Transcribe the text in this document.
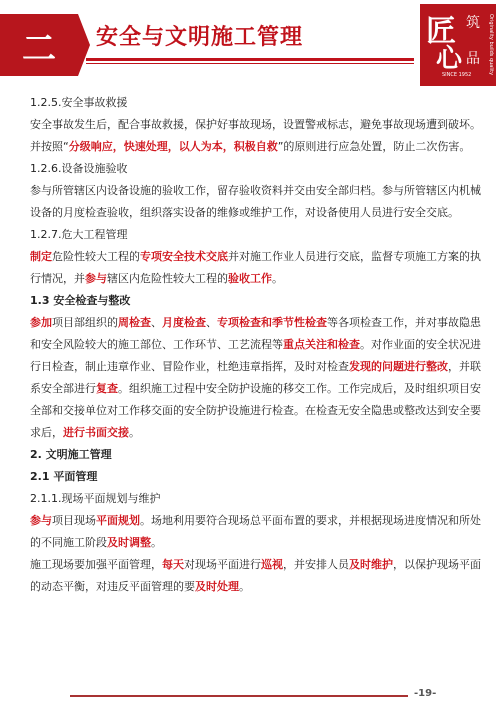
二	安全与文明施工管理	匠
心
筑
品	Originality builds quality
SINCE 1952

1.2.5.安全事故救援

安全事故发生后，配合事故救援，保护好事故现场，设置警戒标志，避免事故现场遭到破坏。

并按照“分级响应，快速处理，以人为本，积极自救”的原则进行应急处置，防止二次伤害。

1.2.6.设备设施验收

参与所管辖区内设备设施的验收工作，留存验收资料并交由安全部归档。参与所管辖区内机械设备的月度检查验收，组织落实设备的维修或维护工作，对设备使用人员进行安全交底。

1.2.7.危大工程管理

制定危险性较大工程的专项安全技术交底并对施工作业人员进行交底，监督专项施工方案的执行情况，并参与辖区内危险性较大工程的验收工作。

1.3 安全检查与整改

参加项目部组织的周检查、月度检查、专项检查和季节性检查等各项检查工作，并对事故隐患和安全风险较大的施工部位、工作环节、工艺流程等重点关注和检查。对作业面的安全状况进行日检查，制止违章作业、冒险作业，杜绝违章指挥，及时对检查发现的问题进行整改，并联系安全部进行复查。组织施工过程中安全防护设施的移交工作。工作完成后，及时组织项目安全部和交接单位对工作移交面的安全防护设施进行检查。在检查无安全隐患或整改达到安全要求后，进行书面交接。

2. 文明施工管理

2.1 平面管理

2.1.1.现场平面规划与维护

参与项目现场平面规划。场地利用要符合现场总平面布置的要求，并根据现场进度情况和所处的不同施工阶段及时调整。

施工现场要加强平面管理，每天对现场平面进行巡视，并安排人员及时维护，以保护现场平面的动态平衡，对违反平面管理的要及时处理。

-19-
